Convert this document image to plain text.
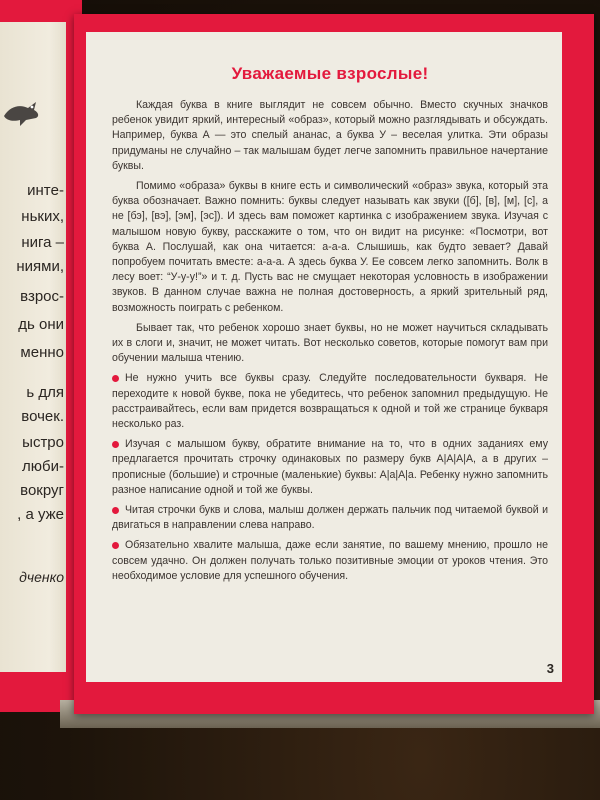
интe-
ньких,
нига –
ниями,
взрос-
дь они
менно
ь для
вочек.
ыстро
люби-
вокруг
, а уже
дченко
Уважаемые взрослые!

Каждая буква в книге выглядит не совсем обычно. Вместо скучных значков ребенок увидит яркий, интересный «образ», который можно разглядывать и обсуждать. Например, буква А — это спелый ананас, а буква У – веселая улитка. Эти образы придуманы не случайно – так малышам будет легче запомнить правильное начертание буквы.

Помимо «образа» буквы в книге есть и символический «образ» звука, который эта буква обозначает. Важно помнить: буквы следует называть как звуки ([б], [в], [м], [с], а не [бэ], [вэ], [эм], [эс]). И здесь вам поможет картинка с изображением звука. Изучая с малышом новую букву, расскажите о том, что он видит на рисунке: «Посмотри, вот буква А. Послушай, как она читается: а-а-а. Слышишь, как будто зевает? Давай попробуем почитать вместе: а-а-а. А здесь буква У. Ее совсем легко запомнить. Волк в лесу воет: “У-у-у!”» и т. д. Пусть вас не смущает некоторая условность в изображении звуков. В данном случае важна не полная достоверность, а яркий зрительный ряд, возможность поиграть с ребенком.

Бывает так, что ребенок хорошо знает буквы, но не может научиться складывать их в слоги и, значит, не может читать. Вот несколько советов, которые помогут вам при обучении малыша чтению.

Не нужно учить все буквы сразу. Следуйте последовательности букваря. Не переходите к новой букве, пока не убедитесь, что ребенок запомнил предыдущую. Не расстраивайтесь, если вам придется возвращаться к одной и той же странице букваря несколько раз.

Изучая с малышом букву, обратите внимание на то, что в одних заданиях ему предлагается прочитать строчку одинаковых по размеру букв А|А|А|А, а в других – прописные (большие) и строчные (маленькие) буквы: А|а|А|а. Ребенку нужно запомнить разное написание одной и той же буквы.

Читая строчки букв и слова, малыш должен держать пальчик под читаемой буквой и двигаться в направлении слева направо.

Обязательно хвалите малыша, даже если занятие, по вашему мнению, прошло не совсем удачно. Он должен получать только позитивные эмоции от уроков чтения. Это необходимое условие для успешного обучения.

3
